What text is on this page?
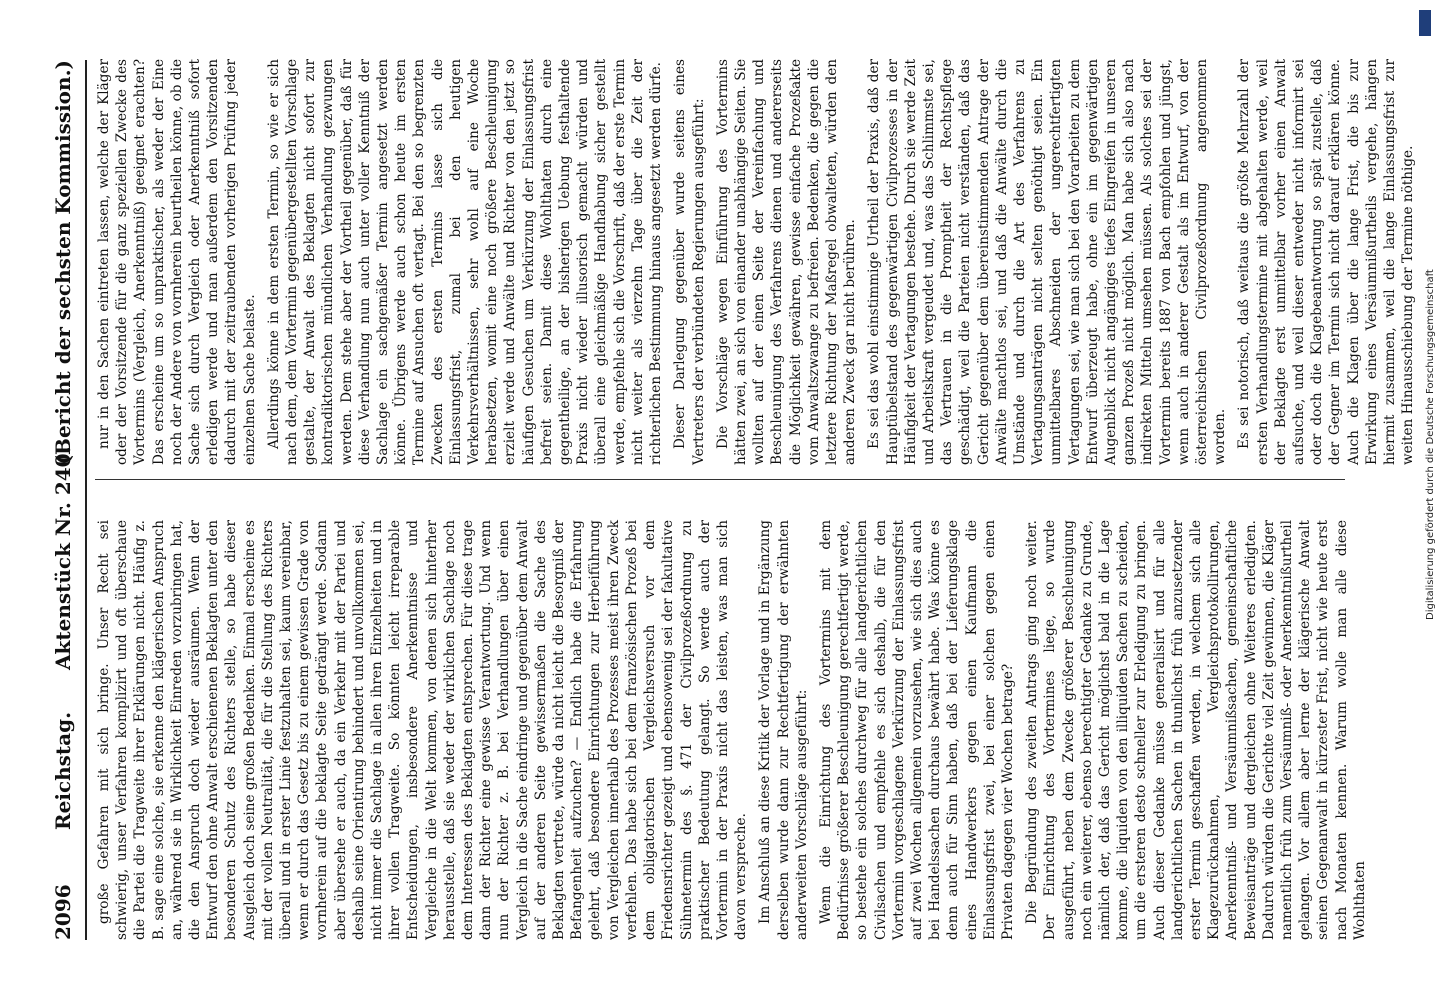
2096
Reichstag.
Aktenstück Nr. 240.
(Bericht der sechsten Kommission.)

große Gefahren mit sich bringe. Unser Recht sei schwierig, unser Verfahren komplizirt und oft überschaue die Partei die Tragweite ihrer Erklärungen nicht. Häufig z. B. sage eine solche, sie erkenne den klägerischen Anspruch an, während sie in Wirklichkeit Einreden vorzubringen hat, die den Anspruch doch wieder ausräumen. Wenn der Entwurf den ohne Anwalt erschienenen Beklagten unter den besonderen Schutz des Richters stelle, so habe dieser Ausgleich doch seine großen Bedenken. Einmal erscheine es mit der vollen Neutralität, die für die Stellung des Richters überall und in erster Linie festzuhalten sei, kaum vereinbar, wenn er durch das Gesetz bis zu einem gewissen Grade von vornherein auf die beklagte Seite gedrängt werde. Sodann aber übersehe er auch, da ein Verkehr mit der Partei und deshalb seine Orientirung behindert und unvollkommen sei, nicht immer die Sachlage in allen ihren Einzelheiten und in ihrer vollen Tragweite. So könnten leicht irreparable Entscheidungen, insbesondere Anerkenntnisse und Vergleiche in die Welt kommen, von denen sich hinterher herausstelle, daß sie weder der wirklichen Sachlage noch dem Interessen des Beklagten entsprechen. Für diese trage dann der Richter eine gewisse Verantwortung. Und wenn nun der Richter z. B. bei Verhandlungen über einen Vergleich in die Sache eindringe und gegenüber dem Anwalt auf der anderen Seite gewissermaßen die Sache des Beklagten vertrete, würde da nicht leicht die Besorgniß der Befangenheit aufzuchen? — Endlich habe die Erfahrung gelehrt, daß besondere Einrichtungen zur Herbeiführung von Vergleichen innerhalb des Prozesses meist ihren Zweck verfehlen. Das habe sich bei dem französischen Prozeß bei dem obligatorischen Vergleichsversuch vor dem Friedensrichter gezeigt und ebensowenig sei der fakultative Sühnetermin des §. 471 der Civilprozeßordnung zu praktischer Bedeutung gelangt. So werde auch der Vortermin in der Praxis nicht das leisten, was man sich davon verspreche. Im Anschluß an diese Kritik der Vorlage und in Ergänzung derselben wurde dann zur Rechtfertigung der erwähnten anderweiten Vorschläge ausgeführt: Wenn die Einrichtung des Vortermins mit dem Bedürfnisse größerer Beschleunigung gerechtfertigt werde, so bestehe ein solches durchweg für alle landgerichtlichen Civilsachen und empfehle es sich deshalb, die für den Vortermin vorgeschlagene Verkürzung der Einlassungsfrist auf zwei Wochen allgemein vorzusehen, wie sich dies auch bei Handelssachen durchaus bewährt habe. Was könne es denn auch für Sinn haben, daß bei der Lieferungsklage eines Handwerkers gegen einen Kaufmann die Einlassungsfrist zwei, bei einer solchen gegen einen Privaten dagegen vier Wochen betrage? Die Begründung des zweiten Antrags ging noch weiter. Der Einrichtung des Vortermines liege, so wurde ausgeführt, neben dem Zwecke größerer Beschleunigung noch ein weiterer, ebenso berechtigter Gedanke zu Grunde, nämlich der, daß das Gericht möglichst bald in die Lage komme, die liquiden von den illiquiden Sachen zu scheiden, um die ersteren desto schneller zur Erledigung zu bringen. Auch dieser Gedanke müsse generalisirt und für alle landgerichtlichen Sachen in thunlichst früh anzusetzender erster Termin geschaffen werden, in welchem sich alle Klagezurücknahmen, Vergleichsprotokollirungen, Anerkenntniß- und Versäumnißsachen, gemeinschaftliche Beweisanträge und dergleichen ohne Weiteres erledigten. Dadurch würden die Gerichte viel Zeit gewinnen, die Kläger namentlich früh zum Versäumniß- oder Anerkenntnißurtheil gelangen. Vor allem aber lerne der klägerische Anwalt seinen Gegenanwalt in kürzester Frist, nicht wie heute erst nach Monaten kennen. Warum wolle man alle diese Wohlthaten

nur in den Sachen eintreten lassen, welche der Kläger oder der Vorsitzende für die ganz speziellen Zwecke des Vortermins (Vergleich, Anerkenntniß) geeignet erachten? Das erscheine um so unpraktischer, als weder der Eine noch der Andere von vornherein beurtheilen könne, ob die Sache sich durch Vergleich oder Anerkenntniß sofort erledigen werde und man außerdem den Vorsitzenden dadurch mit der zeitraubenden vorherigen Prüfung jeder einzelnen Sache belaste. Allerdings könne in dem ersten Termin, so wie er sich nach dem, dem Vortermin gegenübergestellten Vorschlage gestalte, der Anwalt des Beklagten nicht sofort zur kontradiktorischen mündlichen Verhandlung gezwungen werden. Dem stehe aber der Vortheil gegenüber, daß für diese Verhandlung nun auch unter voller Kenntniß der Sachlage ein sachgemäßer Termin angesetzt werden könne. Übrigens werde auch schon heute im ersten Termine auf Ansuchen oft vertagt. Bei den so begrenzten Zwecken des ersten Termins lasse sich die Einlassungsfrist, zumal bei den heutigen Verkehrsverhältnissen, sehr wohl auf eine Woche herabsetzen, womit eine noch größere Beschleunigung erzielt werde und Anwälte und Richter von den jetzt so häufigen Gesuchen um Verkürzung der Einlassungsfrist befreit seien. Damit diese Wohlthaten durch eine gegentheilige, an der bisherigen Uebung festhaltende Praxis nicht wieder illusorisch gemacht würden und überall eine gleichmäßige Handhabung sicher gestellt werde, empfehle sich die Vorschrift, daß der erste Termin nicht weiter als vierzehn Tage über die Zeit der richterlichen Bestimmung hinaus angesetzt werden dürfe. Dieser Darlegung gegenüber wurde seitens eines Vertreters der verbündeten Regierungen ausgeführt: Die Vorschläge wegen Einführung des Vortermins hätten zwei, an sich von einander unabhängige Seiten. Sie wollten auf der einen Seite der Vereinfachung und Beschleunigung des Verfahrens dienen und andererseits die Möglichkeit gewähren, gewisse einfache Prozeßakte vom Anwaltszwange zu befreien. Bedenken, die gegen die letztere Richtung der Maßregel obwalteten, würden den anderen Zweck gar nicht berühren. Es sei das wohl einstimmige Urtheil der Praxis, daß der Hauptübelstand des gegenwärtigen Civilprozesses in der Häufigkeit der Vertagungen bestehe. Durch sie werde Zeit und Arbeitskraft vergeudet und, was das Schlimmste sei, das Vertrauen in die Promptheit der Rechtspflege geschädigt, weil die Parteien nicht verständen, daß das Gericht gegenüber dem übereinstimmenden Antrage der Anwälte machtlos sei, und daß die Anwälte durch die Umstände und durch die Art des Verfahrens zu Vertagungsanträgen nicht selten genöthigt seien. Ein unmittelbares Abschneiden der ungerechtfertigten Vertagungen sei, wie man sich bei den Vorarbeiten zu dem Entwurf überzeugt habe, ohne ein im gegenwärtigen Augenblick nicht angängiges tiefes Eingreifen in unseren ganzen Prozeß nicht möglich. Man habe sich also nach indirekten Mitteln umsehen müssen. Als solches sei der Vortermin bereits 1887 von Bach empfohlen und jüngst, wenn auch in anderer Gestalt als im Entwurf, von der österreichischen Civilprozeßordnung angenommen worden. Es sei notorisch, daß weitaus die größte Mehrzahl der ersten Verhandlungstermine mit abgehalten werde, weil der Beklagte erst unmittelbar vorher einen Anwalt aufsuche, und weil dieser entweder nicht informirt sei oder doch die Klagebeantwortung so spät zustelle, daß der Gegner im Termin sich nicht darauf erklären könne. Auch die Klagen über die lange Frist, die bis zur Erwirkung eines Versäumnißurtheils vergehe, hängen hiermit zusammen, weil die lange Einlassungsfrist zur weiten Hinausschiebung der Termine nöthige. Digitalisierung gefördert durch die Deutsche Forschungsgemeinschaft
